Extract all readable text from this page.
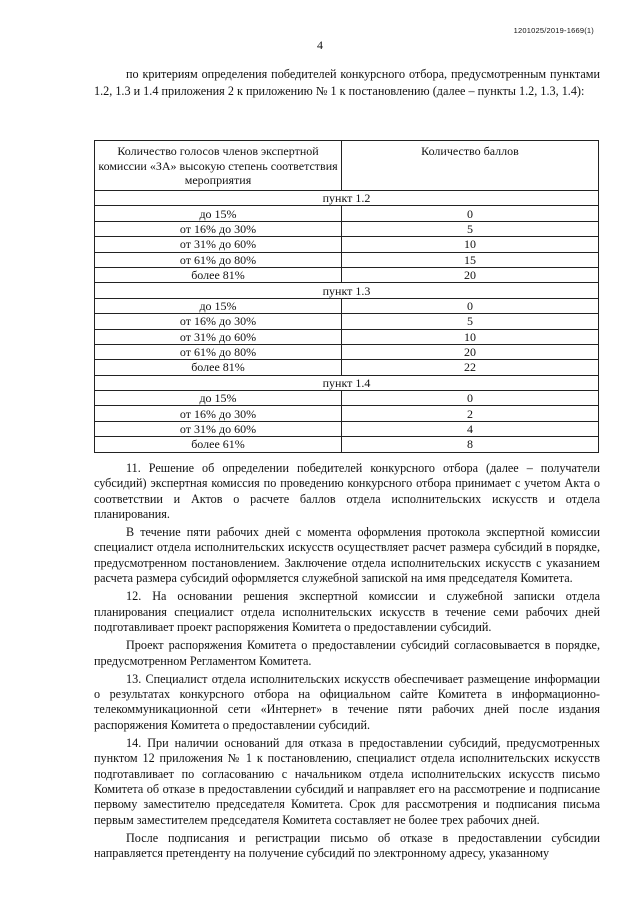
1201025/2019-1669(1)
4

по критериям определения победителей конкурсного отбора, предусмотренным пунктами 1.2, 1.3 и 1.4 приложения 2 к приложению № 1 к постановлению (далее – пункты 1.2, 1.3, 1.4):

Количество голосов членов экспертной комиссии «ЗА» высокую степень соответствия мероприятия	Количество баллов
пункт 1.2	
до 15%	0
от 16% до 30%	5
от 31% до 60%	10
от 61% до 80%	15
более 81%	20
пункт 1.3	
до 15%	0
от 16% до 30%	5
от 31% до 60%	10
от 61% до 80%	20
более 81%	22
пункт 1.4	
до 15%	0
от 16% до 30%	2
от 31% до 60%	4
более 61%	8

11. Решение об определении победителей конкурсного отбора (далее – получатели субсидий) экспертная комиссия по проведению конкурсного отбора принимает с учетом Акта о соответствии и Актов о расчете баллов отдела исполнительских искусств и отдела планирования.

В течение пяти рабочих дней с момента оформления протокола экспертной комиссии специалист отдела исполнительских искусств осуществляет расчет размера субсидий в порядке, предусмотренном постановлением. Заключение отдела исполнительских искусств с указанием расчета размера субсидий оформляется служебной запиской на имя председателя Комитета.

12. На основании решения экспертной комиссии и служебной записки отдела планирования специалист отдела исполнительских искусств в течение семи рабочих дней подготавливает проект распоряжения Комитета о предоставлении субсидий.

Проект распоряжения Комитета о предоставлении субсидий согласовывается в порядке, предусмотренном Регламентом Комитета.

13. Специалист отдела исполнительских искусств обеспечивает размещение информации о результатах конкурсного отбора на официальном сайте Комитета в информационно-телекоммуникационной сети «Интернет» в течение пяти рабочих дней после издания распоряжения Комитета о предоставлении субсидий.

14. При наличии оснований для отказа в предоставлении субсидий, предусмотренных пунктом 12 приложения № 1 к постановлению, специалист отдела исполнительских искусств подготавливает по согласованию с начальником отдела исполнительских искусств письмо Комитета об отказе в предоставлении субсидий и направляет его на рассмотрение и подписание первому заместителю председателя Комитета. Срок для рассмотрения и подписания письма первым заместителем председателя Комитета составляет не более трех рабочих дней.

После подписания и регистрации письмо об отказе в предоставлении субсидии направляется претенденту на получение субсидий по электронному адресу, указанному
